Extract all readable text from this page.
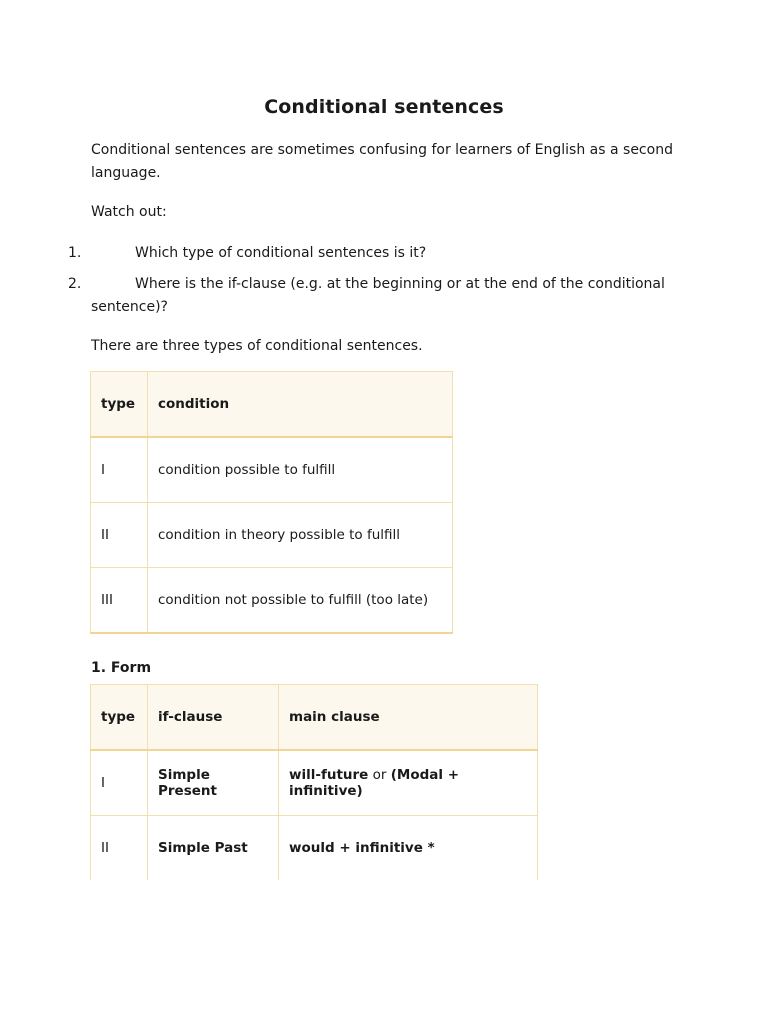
Conditional sentences
Conditional sentences are sometimes confusing for learners of English as a second language.
Watch out:
1.	Which type of conditional sentences is it?
2.	Where is the if-clause (e.g. at the beginning or at the end of the conditional sentence)?
There are three types of conditional sentences.
type	condition
I	condition possible to fulfill
II	condition in theory possible to fulfill
III	condition not possible to fulfill (too late)
1. Form
type	if-clause	main clause
I	Simple Present	will-future or (Modal + infinitive)
II	Simple Past	would + infinitive *
